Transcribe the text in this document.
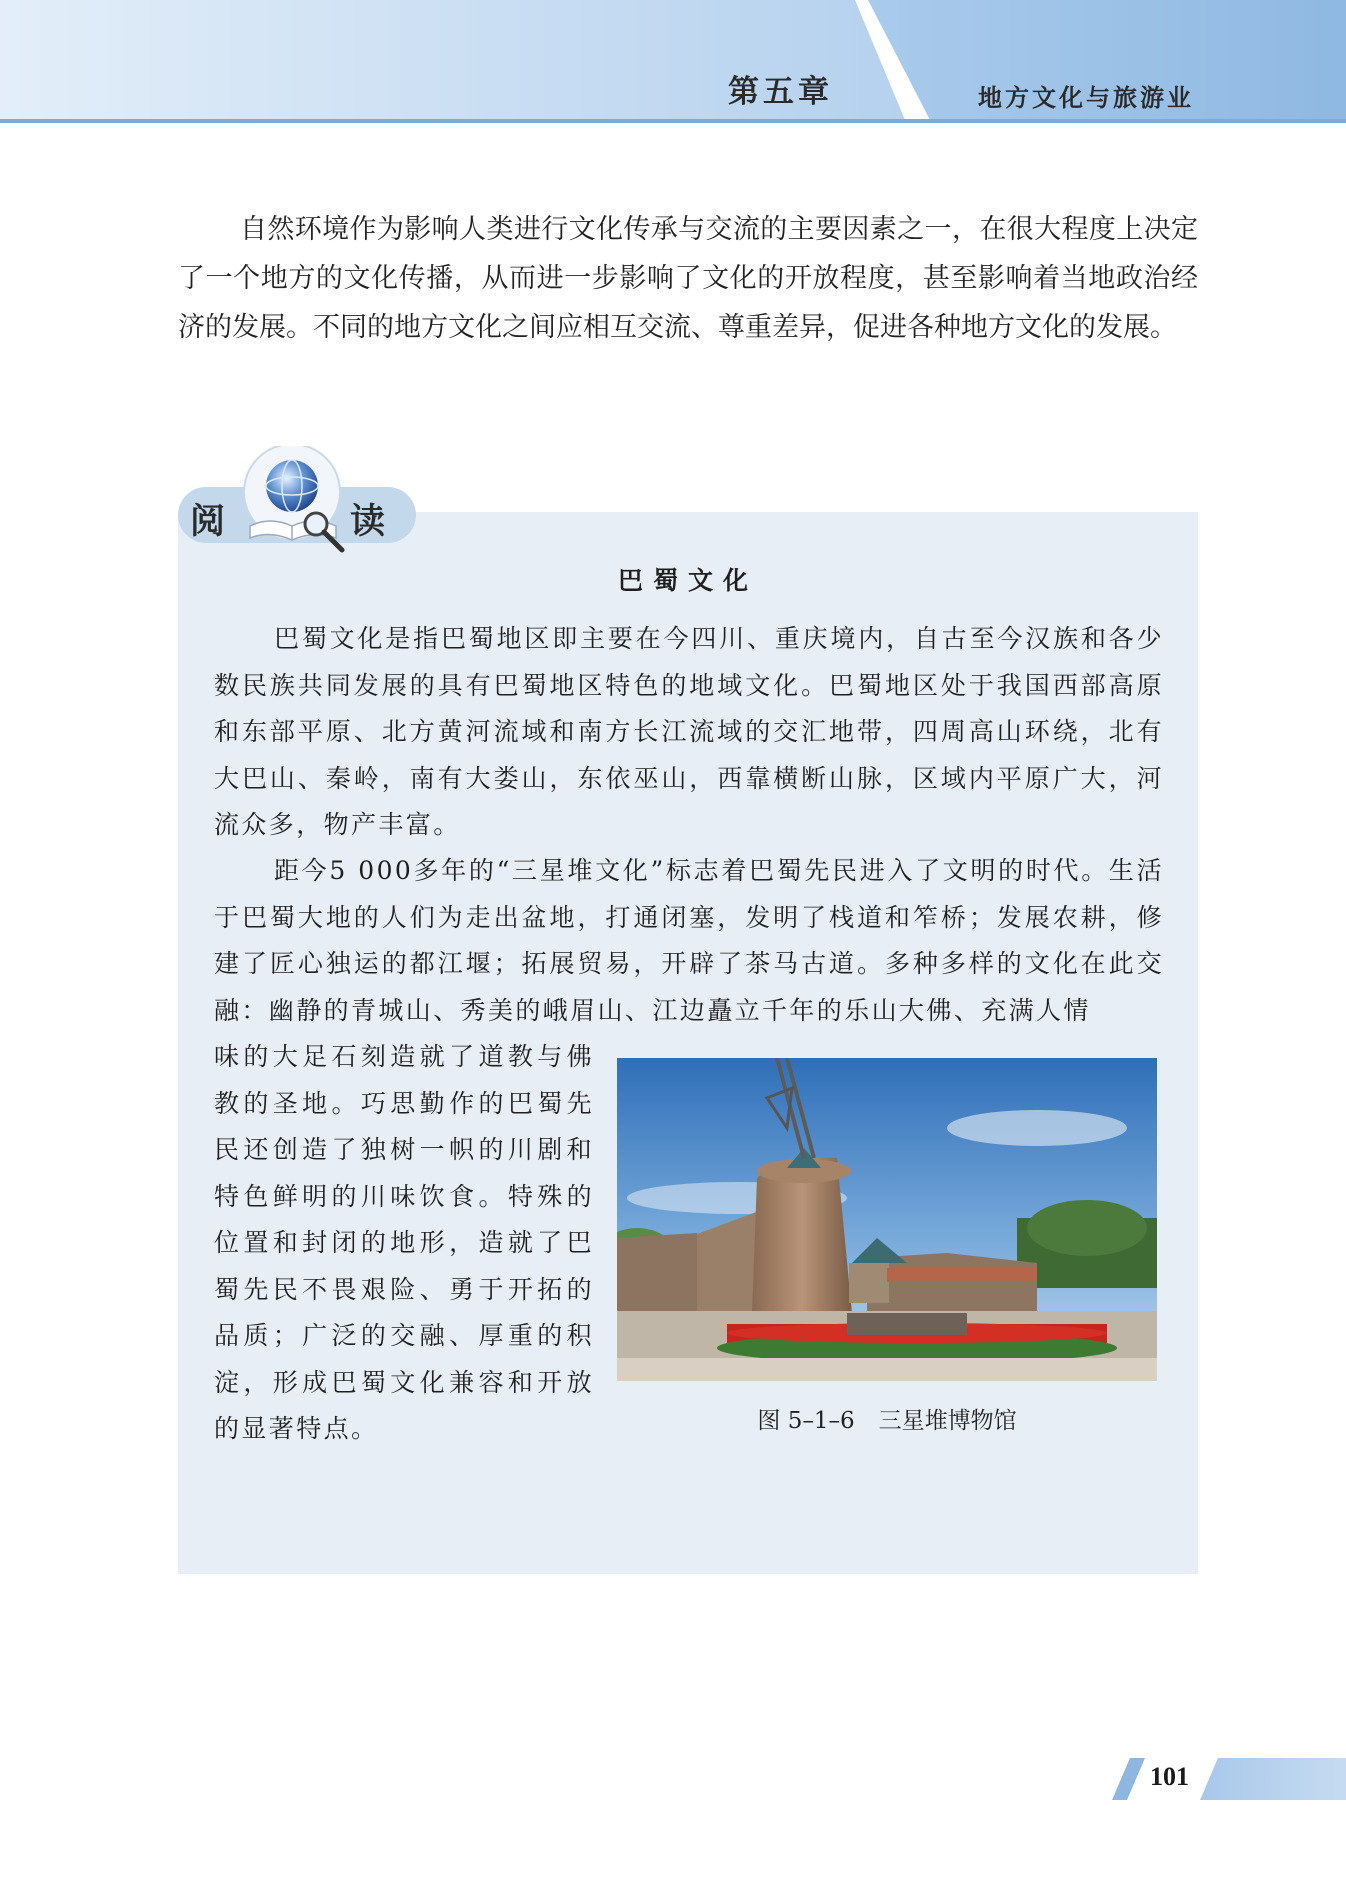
第五章	地方文化与旅游业
自然环境作为影响人类进行文化传承与交流的主要因素之一，在很大程度上决定了一个地方的文化传播，从而进一步影响了文化的开放程度，甚至影响着当地政治经济的发展。不同的地方文化之间应相互交流、尊重差异，促进各种地方文化的发展。
阅	读
巴蜀文化
巴蜀文化是指巴蜀地区即主要在今四川、重庆境内，自古至今汉族和各少数民族共同发展的具有巴蜀地区特色的地域文化。巴蜀地区处于我国西部高原和东部平原、北方黄河流域和南方长江流域的交汇地带，四周高山环绕，北有大巴山、秦岭，南有大娄山，东依巫山，西靠横断山脉，区域内平原广大，河流众多，物产丰富。
距今5 000多年的“三星堆文化”标志着巴蜀先民进入了文明的时代。生活于巴蜀大地的人们为走出盆地，打通闭塞，发明了栈道和笮桥；发展农耕，修建了匠心独运的都江堰；拓展贸易，开辟了茶马古道。多种多样的文化在此交融：幽静的青城山、秀美的峨眉山、江边矗立千年的乐山大佛、充满人情
味的大足石刻造就了道教与佛教的圣地。巧思勤作的巴蜀先民还创造了独树一帜的川剧和特色鲜明的川味饮食。特殊的位置和封闭的地形，造就了巴蜀先民不畏艰险、勇于开拓的品质；广泛的交融、厚重的积淀，形成巴蜀文化兼容和开放的显著特点。	图 5–1–6 三星堆博物馆
101
